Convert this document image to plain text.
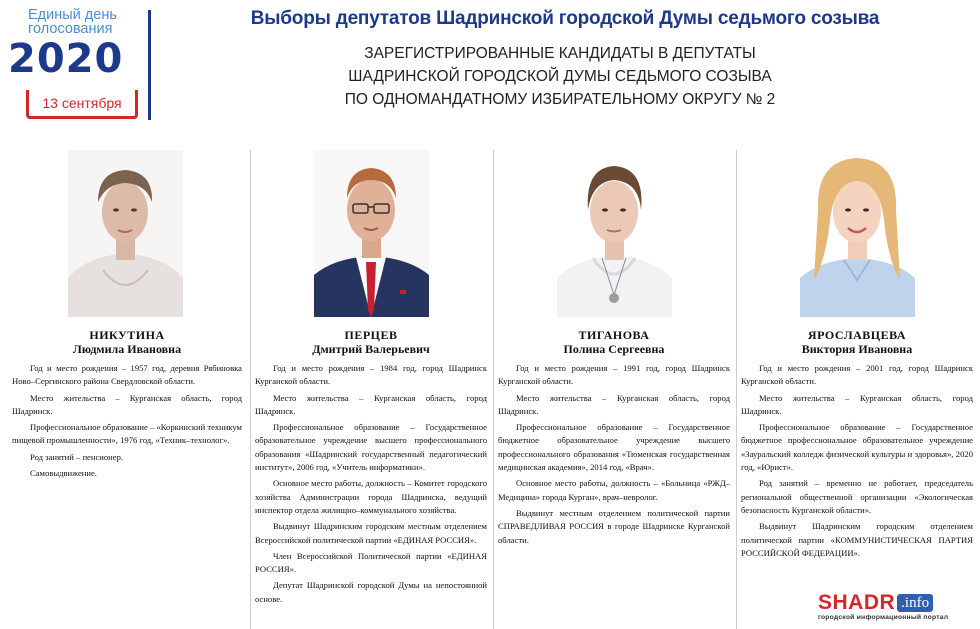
Единый день
голосования
2020
13 сентября
Выборы депутатов Шадринской городской Думы седьмого созыва
ЗАРЕГИСТРИРОВАННЫЕ КАНДИДАТЫ В ДЕПУТАТЫ
ШАДРИНСКОЙ ГОРОДСКОЙ ДУМЫ СЕДЬМОГО СОЗЫВА
ПО ОДНОМАНДАТНОМУ ИЗБИРАТЕЛЬНОМУ ОКРУГУ № 2
НИКУТИНА
Людмила Ивановна

Год и место рождения – 1957 год, деревня Рябиновка Ново–Сергинского района Свердловской области.

Место жительства – Курганская область, город Шадринск.

Профессиональное образование – «Коркинский техникум пищевой промышленности», 1976 год, «Техник–технолог».

Род занятий – пенсионер.

Самовыдвижение.

ПЕРЦЕВ
Дмитрий Валерьевич

Год и место рождения – 1984 год, город Шадринск Курганской области.

Место жительства – Курганская область, город Шадринск.

Профессиональное образование – Государственное образовательное учреждение высшего профессионального образования «Шадринский государственный педагогический институт», 2006 год, «Учитель информатики».

Основное место работы, должность – Комитет городского хозяйства Администрации города Шадринска, ведущий инспектор отдела жилищно–коммунального хозяйства.

Выдвинут Шадринским городским местным отделением Всероссийской политической партии «ЕДИНАЯ РОССИЯ».

Член Всероссийской Политической партии «ЕДИНАЯ РОССИЯ».

Депутат Шадринской городской Думы на непостоянной основе.

ТИГАНОВА
Полина Сергеевна

Год и место рождения – 1991 год, город Шадринск Курганской области.

Место жительства – Курганская область, город Шадринск.

Профессиональное образование – Государственное бюджетное образовательное учреждение высшего профессионального образования «Тюменская государственная медицинская академия», 2014 год, «Врач».

Основное место работы, должность – «Больница «РЖД–Медицина» города Курган», врач–невролог.

Выдвинут местным отделением политической партии СПРАВЕДЛИВАЯ РОССИЯ в городе Шадринске Курганской области.

ЯРОСЛАВЦЕВА
Виктория Ивановна

Год и место рождения – 2001 год, город Шадринск Курганской области.

Место жительства – Курганская область, город Шадринск.

Профессиональное образование – Государственное бюджетное профессиональное образовательное учреждение «Зауральский колледж физической культуры и здоровья», 2020 год, «Юрист».

Род занятий – временно не работает, председатель региональной общественной организации «Экологическая безопасность Курганской области».

Выдвинут Шадринским городским отделением политической партии «КОММУНИСТИЧЕСКАЯ ПАРТИЯ РОССИЙСКОЙ ФЕДЕРАЦИИ».

SHADR .info
городской информационный портал
